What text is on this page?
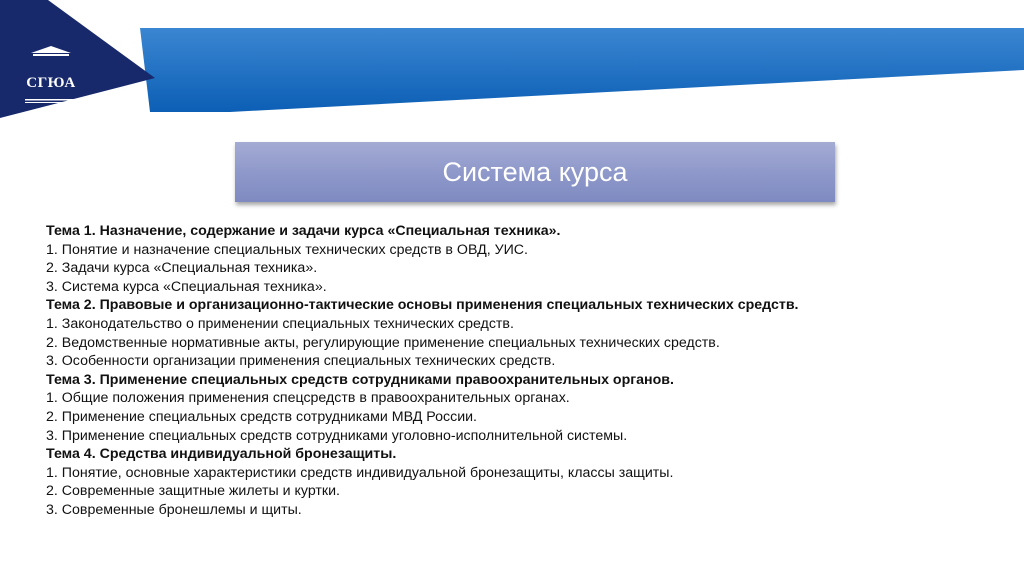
СГЮА
Система курса
Тема 1. Назначение, содержание и задачи курса «Специальная техника».
1. Понятие и назначение специальных технических средств в ОВД, УИС.
2. Задачи курса «Специальная техника».
3. Система курса «Специальная техника».
Тема 2. Правовые и организационно-тактические основы применения специальных технических средств.
1. Законодательство о применении специальных технических средств.
2. Ведомственные нормативные акты, регулирующие применение специальных технических средств.
3. Особенности организации применения специальных технических средств.
Тема 3. Применение специальных средств сотрудниками правоохранительных органов.
1. Общие положения применения спецсредств в правоохранительных органах.
2. Применение специальных средств сотрудниками МВД России.
3. Применение специальных средств сотрудниками уголовно-исполнительной системы.
Тема 4. Средства индивидуальной бронезащиты.
1. Понятие, основные характеристики средств индивидуальной бронезащиты, классы защиты.
2. Современные защитные жилеты и куртки.
3. Современные бронешлемы и щиты.
